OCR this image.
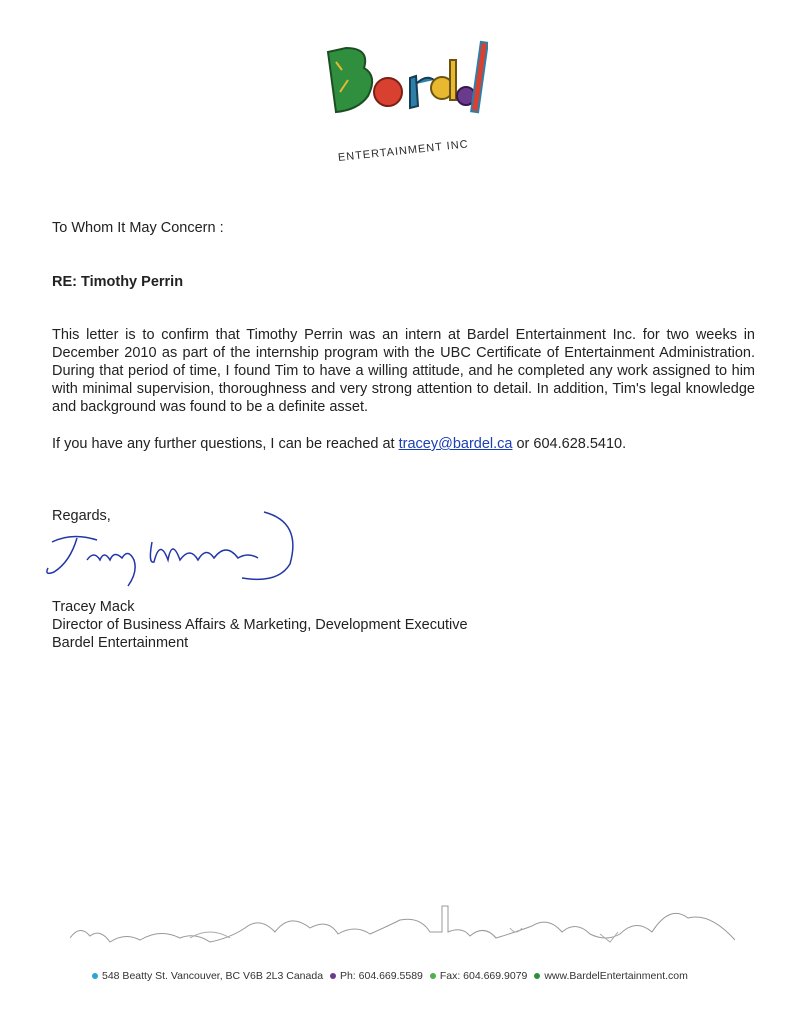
ENTERTAINMENT INC
To Whom It May Concern :
RE: Timothy Perrin
This letter is to confirm that Timothy Perrin was an intern at Bardel Entertainment Inc. for two weeks in December 2010 as part of the internship program with the UBC Certificate of Entertainment Administration. During that period of time, I found Tim to have a willing attitude, and he completed any work assigned to him with minimal supervision, thoroughness and very strong attention to detail. In addition, Tim's legal knowledge and background was found to be a definite asset.
If you have any further questions, I can be reached at tracey@bardel.ca or 604.628.5410.
Regards,
Tracey Mack
Director of Business Affairs & Marketing, Development Executive
Bardel Entertainment
548 Beatty St. Vancouver, BC V6B 2L3 Canada Ph: 604.669.5589 Fax: 604.669.9079 www.BardelEntertainment.com
